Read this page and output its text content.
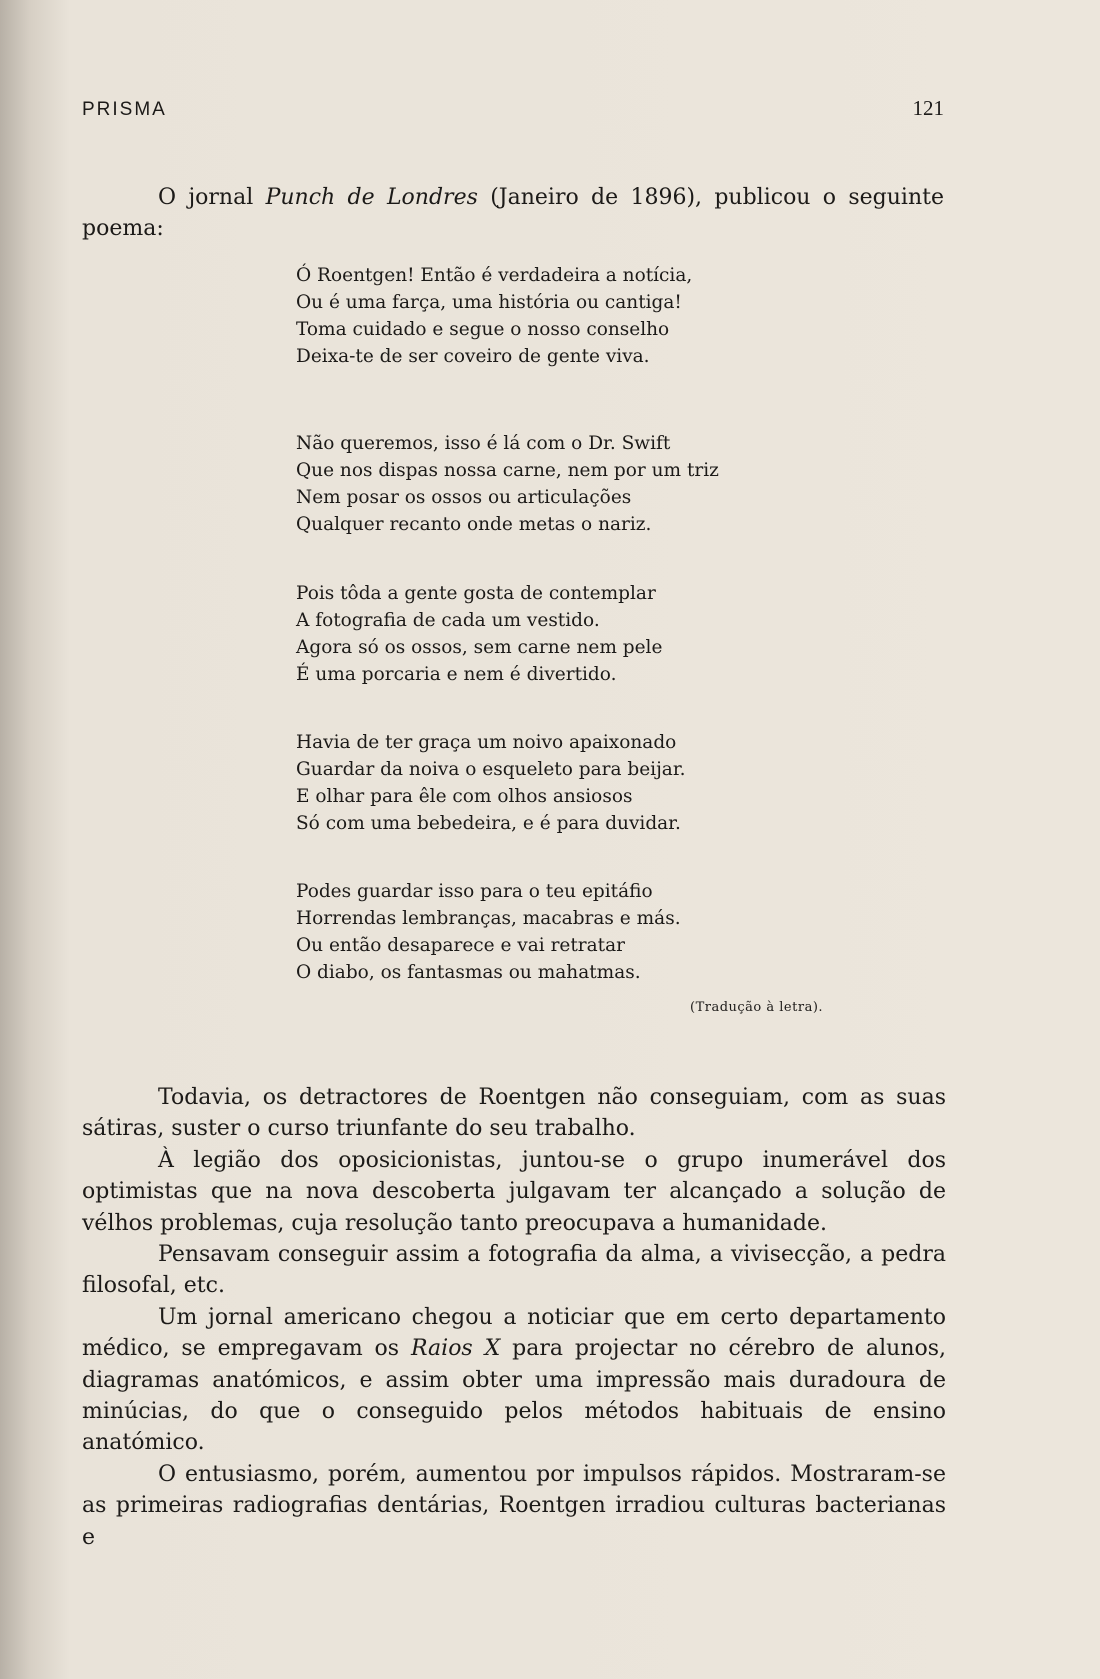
PRISMA	121

O jornal Punch de Londres (Janeiro de 1896), publicou o seguinte poema:

Ó Roentgen! Então é verdadeira a notícia,
Ou é uma farça, uma história ou cantiga!
Toma cuidado e segue o nosso conselho
Deixa-te de ser coveiro de gente viva.
Não queremos, isso é lá com o Dr. Swift
Que nos dispas nossa carne, nem por um triz
Nem posar os ossos ou articulações
Qualquer recanto onde metas o nariz.
Pois tôda a gente gosta de contemplar
A fotografia de cada um vestido.
Agora só os ossos, sem carne nem pele
É uma porcaria e nem é divertido.
Havia de ter graça um noivo apaixonado
Guardar da noiva o esqueleto para beijar.
E olhar para êle com olhos ansiosos
Só com uma bebedeira, e é para duvidar.
Podes guardar isso para o teu epitáfio
Horrendas lembranças, macabras e más.
Ou então desaparece e vai retratar
O diabo, os fantasmas ou mahatmas.
(Tradução à letra).

Todavia, os detractores de Roentgen não conseguiam, com as suas sátiras, suster o curso triunfante do seu trabalho.

À legião dos oposicionistas, juntou-se o grupo inumerável dos optimistas que na nova descoberta julgavam ter alcançado a solução de vélhos problemas, cuja resolução tanto preocupava a humanidade.

Pensavam conseguir assim a fotografia da alma, a vivisecção, a pedra filosofal, etc.

Um jornal americano chegou a noticiar que em certo departamento médico, se empregavam os Raios X para projectar no cérebro de alunos, diagramas anatómicos, e assim obter uma impressão mais duradoura de minúcias, do que o conseguido pelos métodos habituais de ensino anatómico.

O entusiasmo, porém, aumentou por impulsos rápidos. Mostraram-se as primeiras radiografias dentárias, Roentgen irradiou culturas bacterianas e
